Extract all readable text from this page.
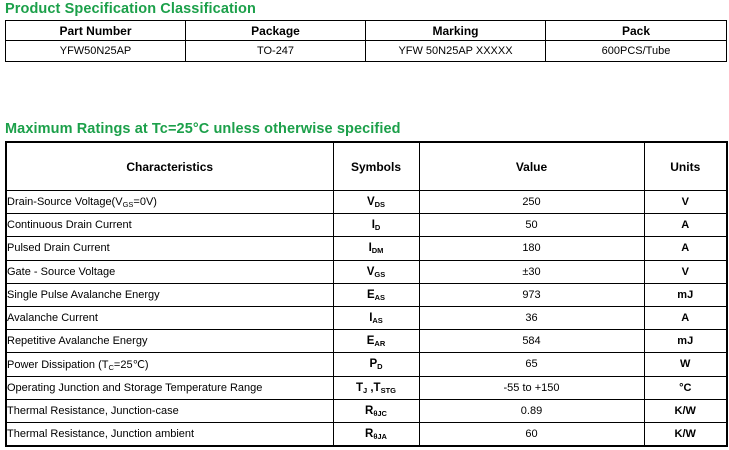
Product Specification Classification
Part Number	Package	Marking	Pack
YFW50N25AP	TO-247	YFW 50N25AP XXXXX	600PCS/Tube
Maximum Ratings at Tc=25°C unless otherwise specified
Characteristics	Symbols	Value	Units
Drain-Source $Voltage(V_{GS}=0V)$	$V_{DS}$	250	V
Continuous Drain Current	$I_D$	50	A
Pulsed Drain Current	$I_{DM}$	180	A
Gate - Source Voltage	$V_{GS}$	±30	V
Single Pulse Avalanche Energy	$E_{AS}$	973	mJ
Avalanche Current	$I_{AS}$	36	A
Repetitive Avalanche Energy	$E_{AR}$	584	mJ
Power Dissipation $(T_C=25℃)$	$P_D$	65	W
Operating Junction and Storage Temperature Range	$T_J$ $,T_{STG}$	-55 to +150	°C
Thermal Resistance, Junction-case	$R_{\theta JC}$	0.89	K/W
Thermal Resistance, Junction ambient	$R_{\theta JA}$	60	K/W
